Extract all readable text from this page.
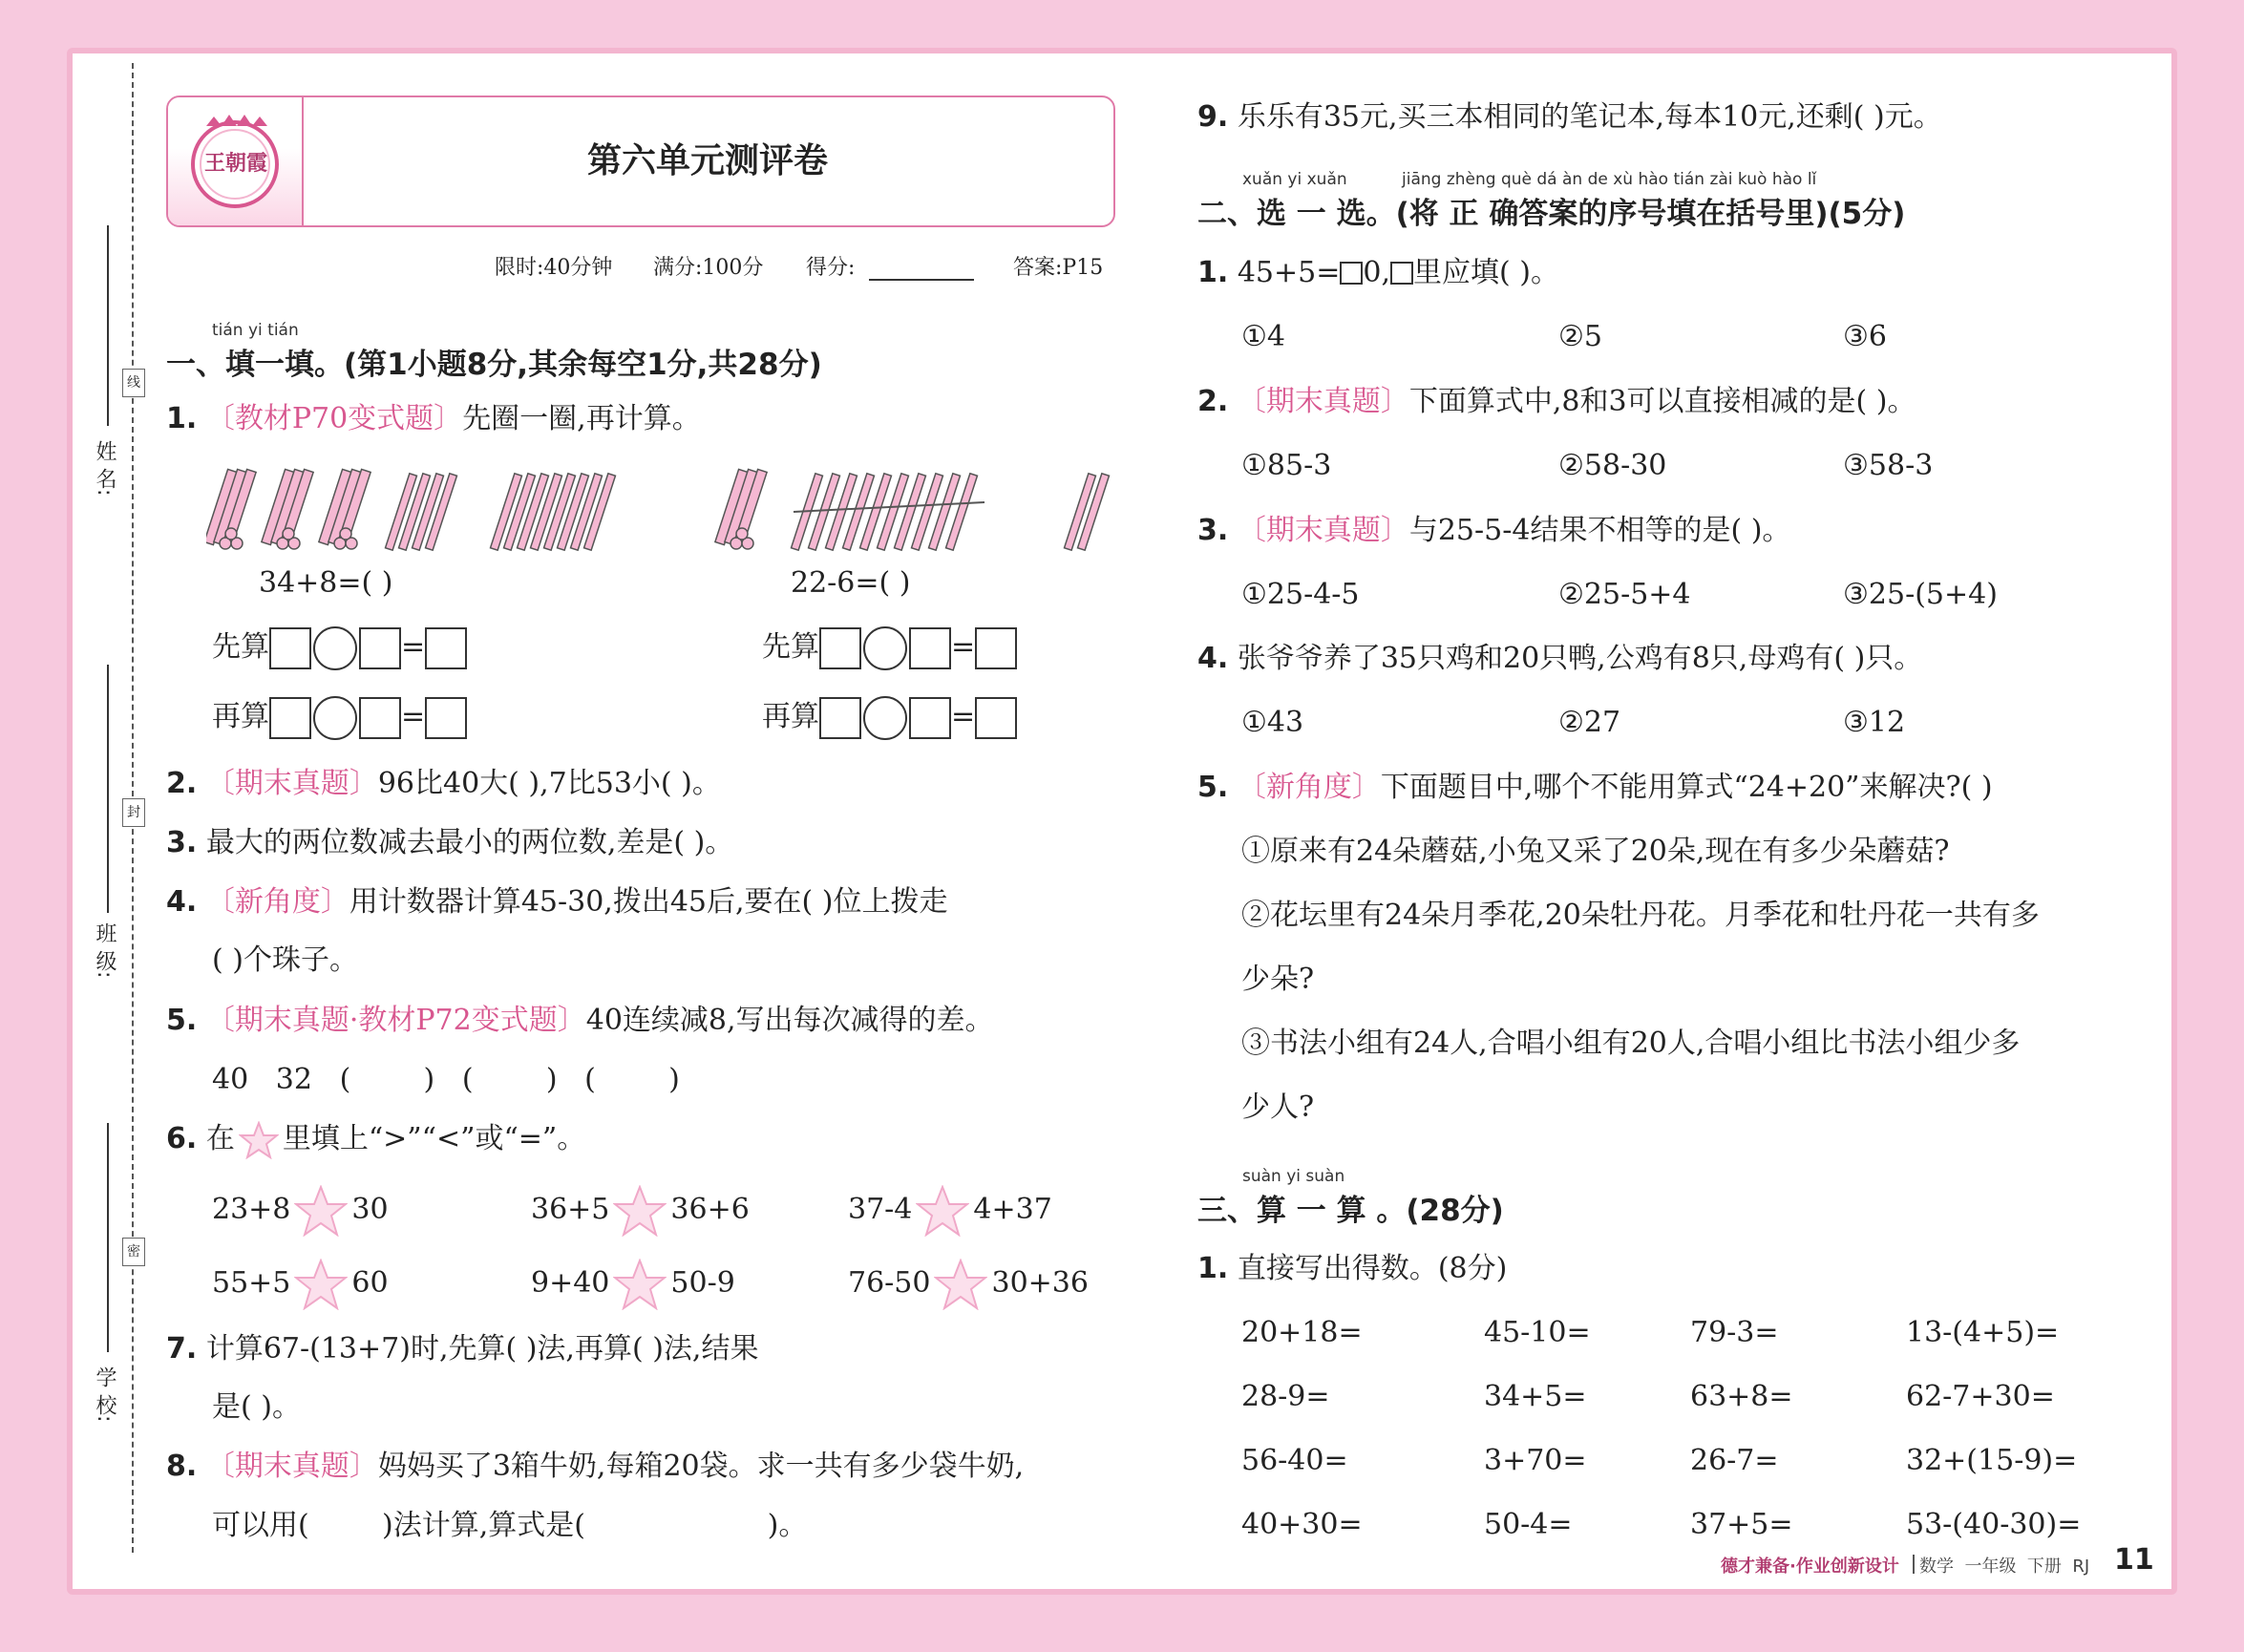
线
封
密
姓 名:
班 级:
学 校:
王朝霞	第六单元测评卷
限时:40分钟 满分:100分 得分:	答案:P15
tián yi tián
一、填一填。(第1小题8分,其余每空1分,共28分)
1. 〔教材P70变式题〕先圈一圈,再计算。
34+8=( )	22-6=( )
先算	=
再算	=
先算	=
再算	=
2. 〔期末真题〕96比40大( ),7比53小( )。
3. 最大的两位数减去最小的两位数,差是( )。
4. 〔新角度〕用计数器计算45-30,拨出45后,要在( )位上拨走
( )个珠子。
5. 〔期末真题·教材P72变式题〕40连续减8,写出每次减得的差。
40   32   (        )   (        )   (        )
6. 在 里填上“>”“<”或“=”。
23+8 30	36+5 36+6	37-4 4+37
55+5 60	9+40 50-9	76-50 30+36
7. 计算67-(13+7)时,先算( )法,再算( )法,结果
是( )。
8. 〔期末真题〕妈妈买了3箱牛奶,每箱20袋。求一共有多少袋牛奶,
可以用(        )法计算,算式是(                    )。
9. 乐乐有35元,买三本相同的笔记本,每本10元,还剩( )元。
xuǎn yi xuǎn	jiāng zhèng què dá àn de xù hào tián zài kuò hào lǐ
二、选 一 选。(将 正 确答案的序号填在括号里)(5分)
1. 45+5= 0, 里应填( )。
①4	②5	③6
2. 〔期末真题〕下面算式中,8和3可以直接相减的是( )。
①85-3	②58-30	③58-3
3. 〔期末真题〕与25-5-4结果不相等的是( )。
①25-4-5	②25-5+4	③25-(5+4)
4. 张爷爷养了35只鸡和20只鸭,公鸡有8只,母鸡有( )只。
①43	②27	③12
5. 〔新角度〕下面题目中,哪个不能用算式“24+20”来解决?( )
①原来有24朵蘑菇,小兔又采了20朵,现在有多少朵蘑菇?
②花坛里有24朵月季花,20朵牡丹花。月季花和牡丹花一共有多
少朵?
③书法小组有24人,合唱小组有20人,合唱小组比书法小组少多
少人?
suàn yi suàn
三、算 一 算 。(28分)
1. 直接写出得数。(8分)
20+18=	45-10=	79-3=	13-(4+5)=
28-9=	34+5=	63+8=	62-7+30=
56-40=	3+70=	26-7=	32+(15-9)=
40+30=	50-4=	37+5=	53-(40-30)=
德才兼备·作业创新设计 数学  一年级  下册  RJ 11
